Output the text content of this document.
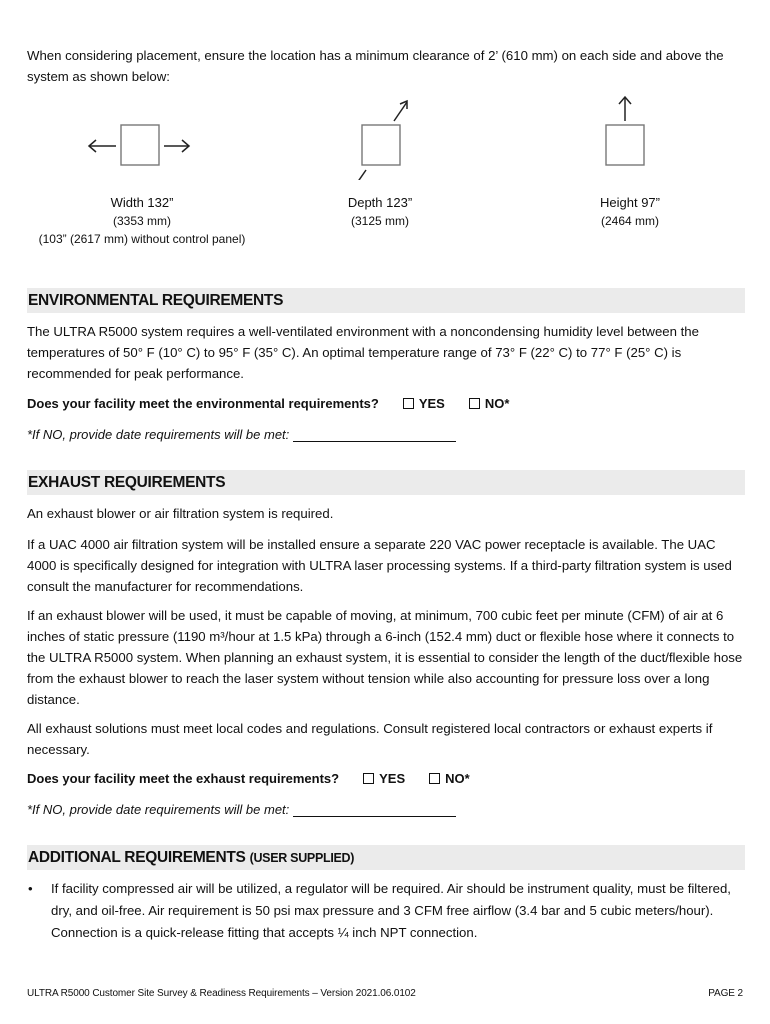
When considering placement, ensure the location has a minimum clearance of 2’ (610 mm) on each side and above the system as shown below:

Width 132”
(3353 mm)
(103” (2617 mm) without control panel)
Depth 123”
(3125 mm)
Height 97”
(2464 mm)
ENVIRONMENTAL REQUIREMENTS

The ULTRA R5000 system requires a well-ventilated environment with a noncondensing humidity level between the temperatures of 50° F (10° C) to 95° F (35° C). An optimal temperature range of 73° F (22° C) to 77° F (25° C) is recommended for peak performance.

Does your facility meet the environmental requirements?	YES	NO*
*If NO, provide date requirements will be met:
EXHAUST REQUIREMENTS

An exhaust blower or air filtration system is required.

If a UAC 4000 air filtration system will be installed ensure a separate 220 VAC power receptacle is available. The UAC 4000 is specifically designed for integration with ULTRA laser processing systems. If a third-party filtration system is used consult the manufacturer for recommendations.

If an exhaust blower will be used, it must be capable of moving, at minimum, 700 cubic feet per minute (CFM) of air at 6 inches of static pressure (1190 m³/hour at 1.5 kPa) through a 6-inch (152.4 mm) duct or flexible hose where it connects to the ULTRA R5000 system. When planning an exhaust system, it is essential to consider the length of the duct/flexible hose from the exhaust blower to reach the laser system without tension while also accounting for pressure loss over a long distance.

All exhaust solutions must meet local codes and regulations. Consult registered local contractors or exhaust experts if necessary.

Does your facility meet the exhaust requirements?	YES	NO*
*If NO, provide date requirements will be met:
ADDITIONAL REQUIREMENTS (USER SUPPLIED)
•	If facility compressed air will be utilized, a regulator will be required. Air should be instrument quality, must be filtered, dry, and oil-free. Air requirement is 50 psi max pressure and 3 CFM free airflow (3.4 bar and 5 cubic meters/hour). Connection is a quick-release fitting that accepts ¼ inch NPT connection.
ULTRA R5000 Customer Site Survey & Readiness Requirements – Version 2021.06.0102	PAGE 2
